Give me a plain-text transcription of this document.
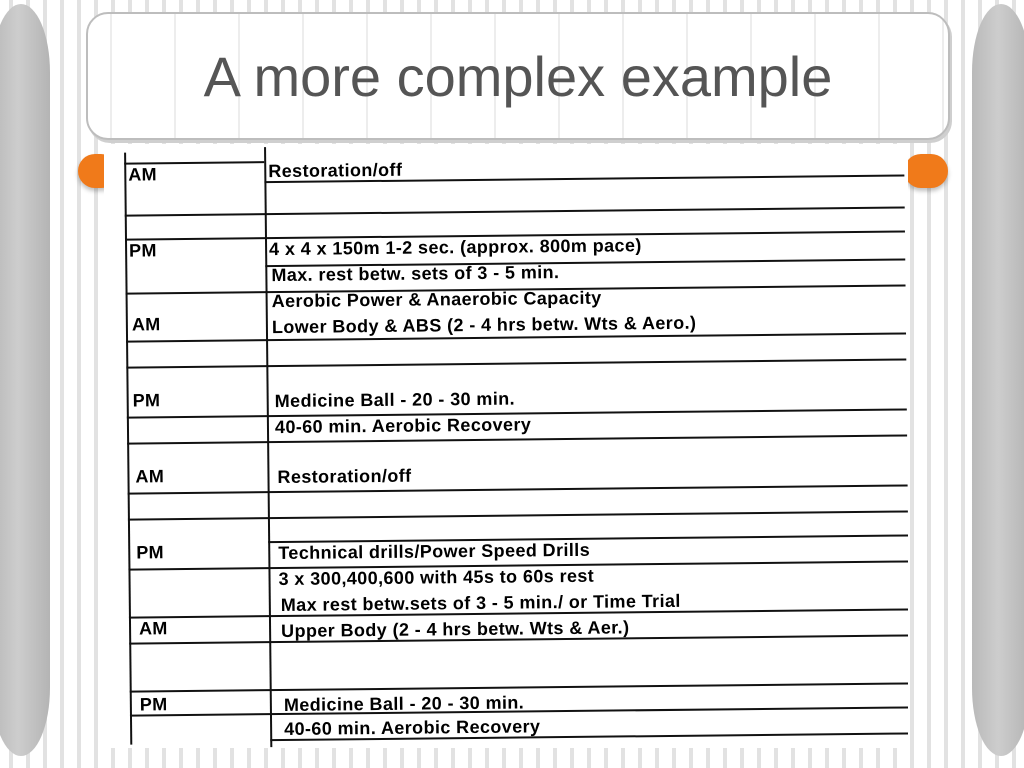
A more complex example
AM
PM
AM
PM
AM
PM
AM
PM
Restoration/off
4 x 4 x 150m 1-2 sec. (approx. 800m pace)
Max. rest betw. sets of 3 - 5 min.
Aerobic Power & Anaerobic Capacity
Lower Body & ABS (2 - 4 hrs betw. Wts & Aero.)
Medicine Ball - 20 - 30 min.
40-60 min. Aerobic Recovery
Restoration/off
Technical drills/Power Speed Drills
3 x 300,400,600 with 45s to 60s rest
Max rest betw.sets of 3 - 5 min./ or Time Trial
Upper Body (2 - 4 hrs betw. Wts & Aer.)
Medicine Ball - 20 - 30 min.
40-60 min. Aerobic Recovery
